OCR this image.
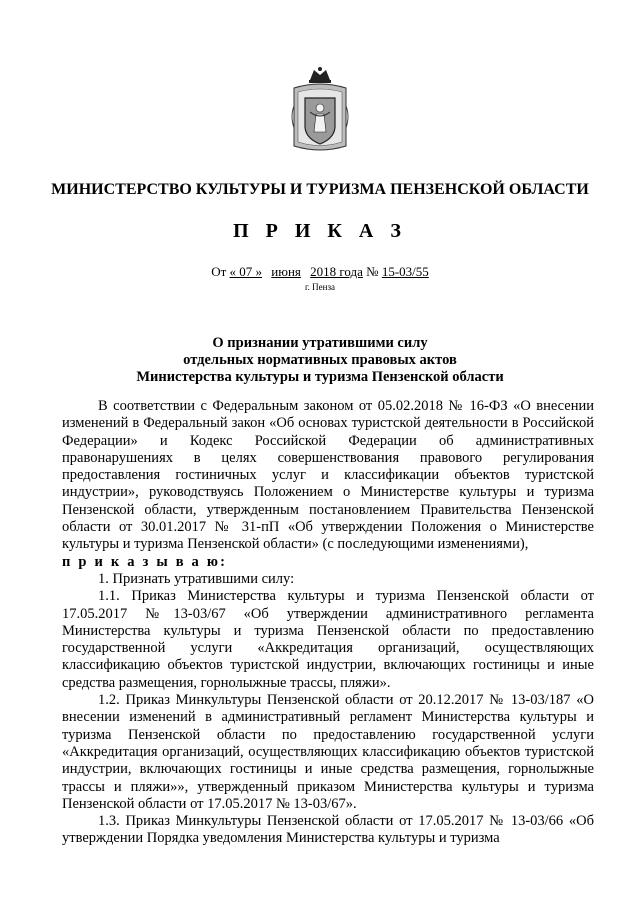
МИНИСТЕРСТВО КУЛЬТУРЫ И ТУРИЗМА ПЕНЗЕНСКОЙ ОБЛАСТИ
П Р И К А З
От « 07 » июня 2018 года № 15-03/55
г. Пенза
О признании утратившими силу
отдельных нормативных правовых актов
Министерства культуры и туризма Пензенской области

В соответствии с Федеральным законом от 05.02.2018 № 16-ФЗ «О внесении изменений в Федеральный закон «Об основах туристской деятельности в Российской Федерации» и Кодекс Российской Федерации об административных правонарушениях в целях совершенствования правового регулирования предоставления гостиничных услуг и классификации объектов туристской индустрии», руководствуясь Положением о Министерстве культуры и туризма Пензенской области, утвержденным постановлением Правительства Пензенской области от 30.01.2017 № 31-пП «Об утверждении Положения о Министерстве культуры и туризма Пензенской области» (с последующими изменениями),

п р и к а з ы в а ю:

1. Признать утратившими силу:

1.1. Приказ Министерства культуры и туризма Пензенской области от 17.05.2017 №13-03/67 «Об утверждении административного регламента Министерства культуры и туризма Пензенской области по предоставлению государственной услуги «Аккредитация организаций, осуществляющих классификацию объектов туристской индустрии, включающих гостиницы и иные средства размещения, горнолыжные трассы, пляжи».

1.2. Приказ Минкультуры Пензенской области от 20.12.2017 № 13-03/187 «О внесении изменений в административный регламент Министерства культуры и туризма Пензенской области по предоставлению государственной услуги «Аккредитация организаций, осуществляющих классификацию объектов туристской индустрии, включающих гостиницы и иные средства размещения, горнолыжные трассы и пляжи»», утвержденный приказом Министерства культуры и туризма Пензенской области от 17.05.2017 № 13-03/67».

1.3. Приказ Минкультуры Пензенской области от 17.05.2017 № 13-03/66 «Об утверждении Порядка уведомления Министерства культуры и туризма
